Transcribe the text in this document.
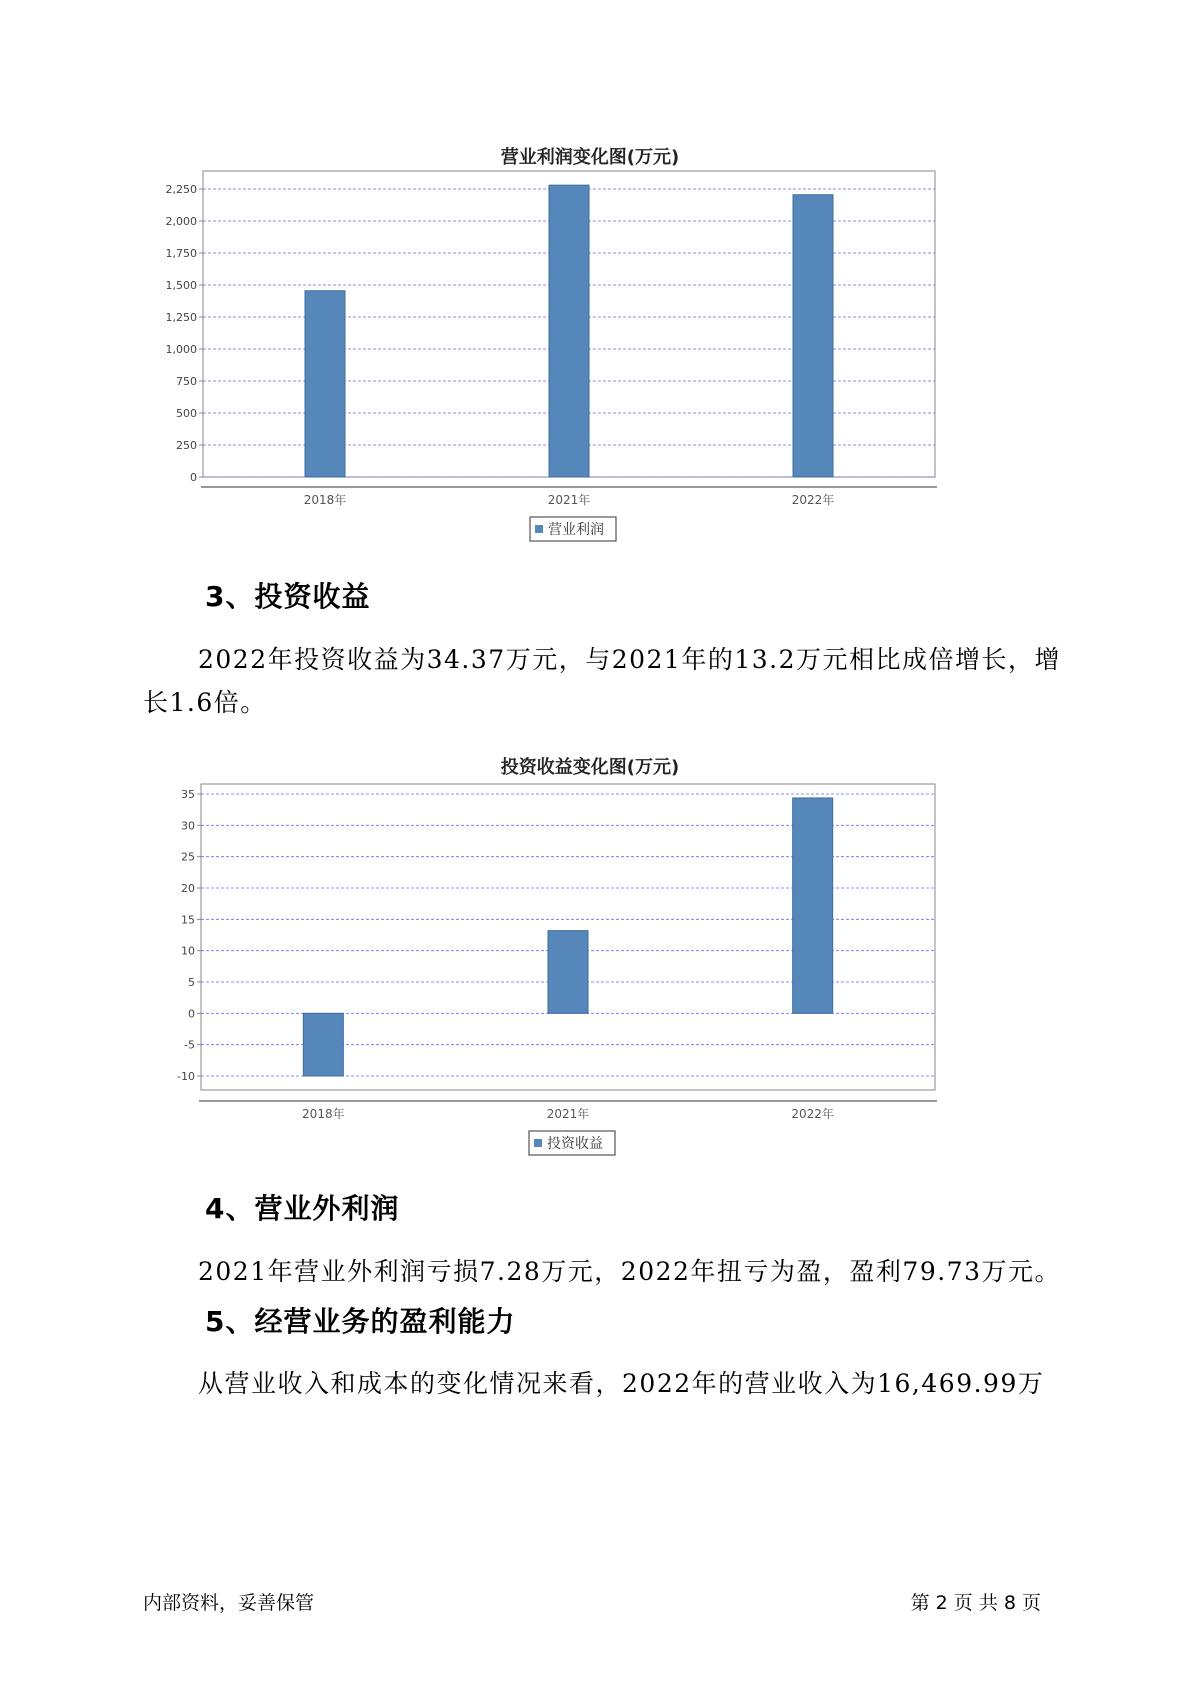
营业利润变化图(万元)
0
250
500
750
1,000
1,250
1,500
1,750
2,000
2,250
2018年	2021年	2022年
营业利润
投资收益变化图(万元)
-10
-5
0
5
10
15
20
25
30
35
2018年	2021年	2022年
投资收益
3、投资收益
2022年投资收益为34.37万元，与2021年的13.2万元相比成倍增长，增
长1.6倍。
4、营业外利润
2021年营业外利润亏损7.28万元，2022年扭亏为盈，盈利79.73万元。
5、经营业务的盈利能力
从营业收入和成本的变化情况来看，2022年的营业收入为16,469.99万
内部资料，妥善保管	第 2 页 共 8 页
